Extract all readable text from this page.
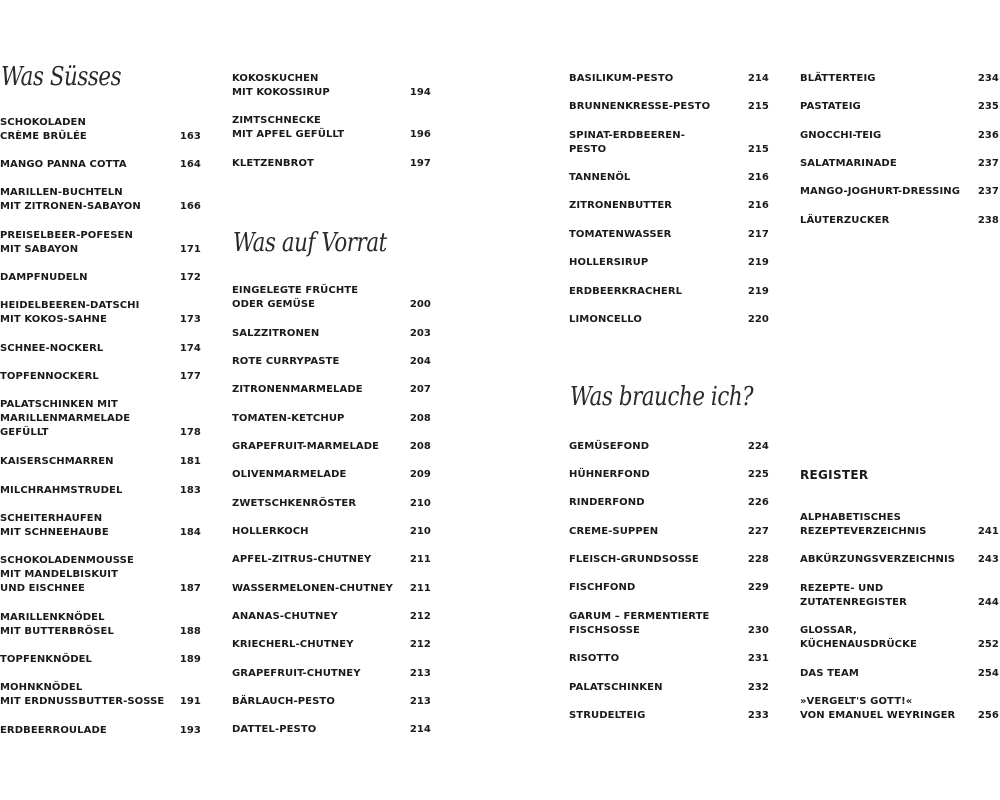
Was Süsses
SCHOKOLADEN
CRÈME BRÛLÉE	163
MANGO PANNA COTTA	164
MARILLEN-BUCHTELN
MIT ZITRONEN-SABAYON	166
PREISELBEER-POFESEN
MIT SABAYON	171
DAMPFNUDELN	172
HEIDELBEEREN-DATSCHI
MIT KOKOS-SAHNE	173
SCHNEE-NOCKERL	174
TOPFENNOCKERL	177
PALATSCHINKEN MIT
MARILLENMARMELADE
GEFÜLLT	178
KAISERSCHMARREN	181
MILCHRAHMSTRUDEL	183
SCHEITERHAUFEN
MIT SCHNEEHAUBE	184
SCHOKOLADENMOUSSE
MIT MANDELBISKUIT
UND EISCHNEE	187
MARILLENKNÖDEL
MIT BUTTERBRÖSEL	188
TOPFENKNÖDEL	189
MOHNKNÖDEL
MIT ERDNUSSBUTTER-SOSSE	191
ERDBEERROULADE	193
Was auf Vorrat
KOKOSKUCHEN
MIT KOKOSSIRUP	194
ZIMTSCHNECKE
MIT APFEL GEFÜLLT	196
KLETZENBROT	197
EINGELEGTE FRÜCHTE
ODER GEMÜSE	200
SALZZITRONEN	203
ROTE CURRYPASTE	204
ZITRONENMARMELADE	207
TOMATEN-KETCHUP	208
GRAPEFRUIT-MARMELADE	208
OLIVENMARMELADE	209
ZWETSCHKENRÖSTER	210
HOLLERKOCH	210
APFEL-ZITRUS-CHUTNEY	211
WASSERMELONEN-CHUTNEY	211
ANANAS-CHUTNEY	212
KRIECHERL-CHUTNEY	212
GRAPEFRUIT-CHUTNEY	213
BÄRLAUCH-PESTO	213
DATTEL-PESTO	214
Was brauche ich?
BASILIKUM-PESTO	214
BRUNNENKRESSE-PESTO	215
SPINAT-ERDBEEREN-
PESTO	215
TANNENÖL	216
ZITRONENBUTTER	216
TOMATENWASSER	217
HOLLERSIRUP	219
ERDBEERKRACHERL	219
LIMONCELLO	220
GEMÜSEFOND	224
HÜHNERFOND	225
RINDERFOND	226
CREME-SUPPEN	227
FLEISCH-GRUNDSOSSE	228
FISCHFOND	229
GARUM – FERMENTIERTE
FISCHSOSSE	230
RISOTTO	231
PALATSCHINKEN	232
STRUDELTEIG	233
BLÄTTERTEIG	234
PASTATEIG	235
GNOCCHI-TEIG	236
SALATMARINADE	237
MANGO-JOGHURT-DRESSING	237
LÄUTERZUCKER	238
ALPHABETISCHES
REZEPTEVERZEICHNIS	241
ABKÜRZUNGSVERZEICHNIS	243
REZEPTE- UND
ZUTATENREGISTER	244
GLOSSAR,
KÜCHENAUSDRÜCKE	252
DAS TEAM	254
»VERGELT'S GOTT!«
VON EMANUEL WEYRINGER	256
REGISTER
